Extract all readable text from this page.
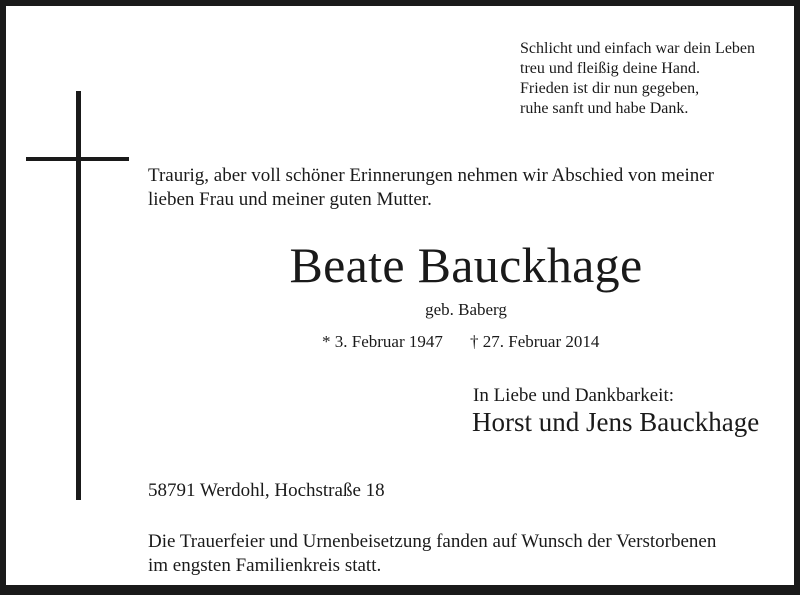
Schlicht und einfach war dein Leben
treu und fleißig deine Hand.
Frieden ist dir nun gegeben,
ruhe sanft und habe Dank.
Traurig, aber voll schöner Erinnerungen nehmen wir Abschied von meiner
lieben Frau und meiner guten Mutter.
Beate Bauckhage
geb. Baberg
* 3. Februar 1947 † 27. Februar 2014
In Liebe und Dankbarkeit:
Horst und Jens Bauckhage
58791 Werdohl, Hochstraße 18
Die Trauerfeier und Urnenbeisetzung fanden auf Wunsch der Verstorbenen
im engsten Familienkreis statt.
